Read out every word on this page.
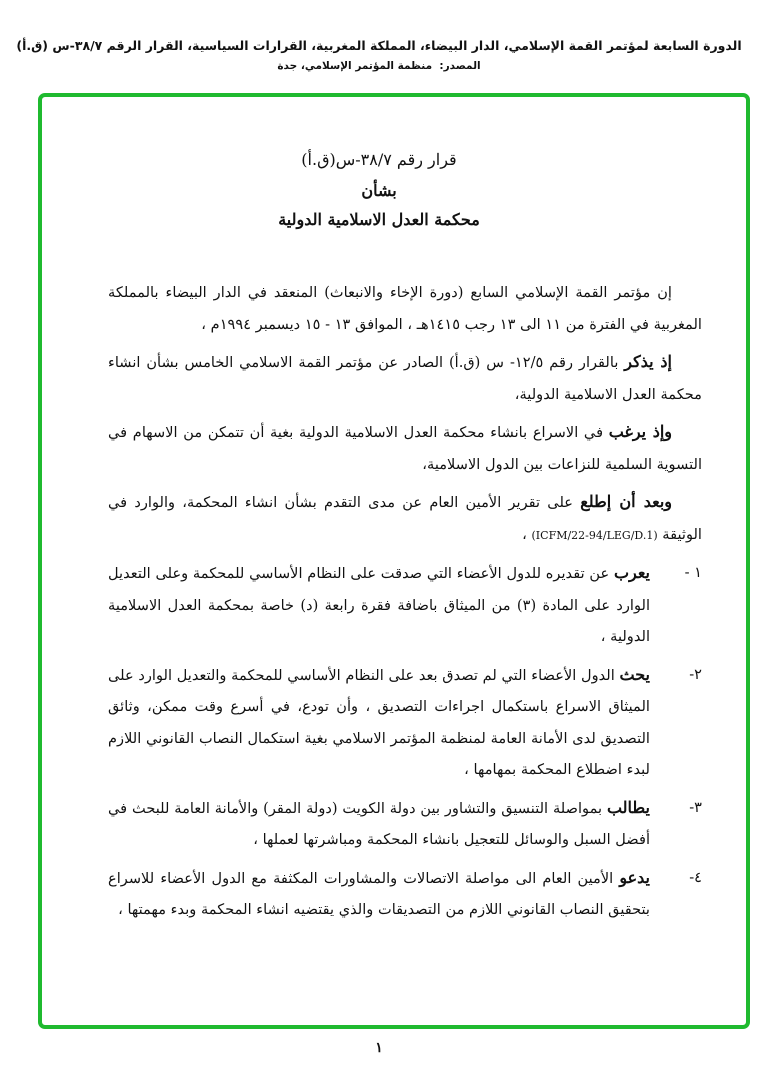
الدورة السابعة لمؤتمر القمة الإسلامي، الدار البيضاء، المملكة المغربية، القرارات السياسية، القرار الرقم ٣٨/٧-س (ق.أ)
المصدر:  منظمة المؤتمر الإسلامي، جدة
قرار رقم ٣٨/٧-س(ق.أ)
بشأن
محكمة العدل الاسلامية الدولية

إن مؤتمر القمة الإسلامي السابع (دورة الإخاء والانبعاث) المنعقد في الدار البيضاء بالمملكة المغربية في الفترة من ١١ الى ١٣ رجب ١٤١٥هـ ، الموافق ١٣ - ١٥ ديسمبر ١٩٩٤م ،

إذ يذكر بالقرار رقم ١٢/٥- س (ق.أ) الصادر عن مؤتمر القمة الاسلامي الخامس بشأن انشاء محكمة العدل الاسلامية الدولية،

وإذ يرغب في الاسراع بانشاء محكمة العدل الاسلامية الدولية بغية أن تتمكن من الاسهام في التسوية السلمية للنزاعات بين الدول الاسلامية،

وبعد أن إطلع على تقرير الأمين العام عن مدى التقدم بشأن انشاء المحكمة، والوارد في الوثيقة (ICFM/22-94/LEG/D.1) ،

١ -
يعرب عن تقديره للدول الأعضاء التي صدقت على النظام الأساسي للمحكمة وعلى التعديل الوارد على المادة (٣) من الميثاق باضافة فقرة رابعة (د) خاصة بمحكمة العدل الاسلامية الدولية ،
٢-
يحث الدول الأعضاء التي لم تصدق بعد على النظام الأساسي للمحكمة والتعديل الوارد على الميثاق الاسراع باستكمال اجراءات التصديق ، وأن تودع، في أسرع وقت ممكن، وثائق التصديق لدى الأمانة العامة لمنظمة المؤتمر الاسلامي بغية استكمال النصاب القانوني اللازم لبدء اضطلاع المحكمة بمهامها ،
٣-
يطالب بمواصلة التنسيق والتشاور بين دولة الكويت (دولة المقر) والأمانة العامة للبحث في أفضل السبل والوسائل للتعجيل بانشاء المحكمة ومباشرتها لعملها ،
٤-
يدعو الأمين العام الى مواصلة الاتصالات والمشاورات المكثفة مع الدول الأعضاء للاسراع بتحقيق النصاب القانوني اللازم من التصديقات والذي يقتضيه انشاء المحكمة وبدء مهمتها ،
١
